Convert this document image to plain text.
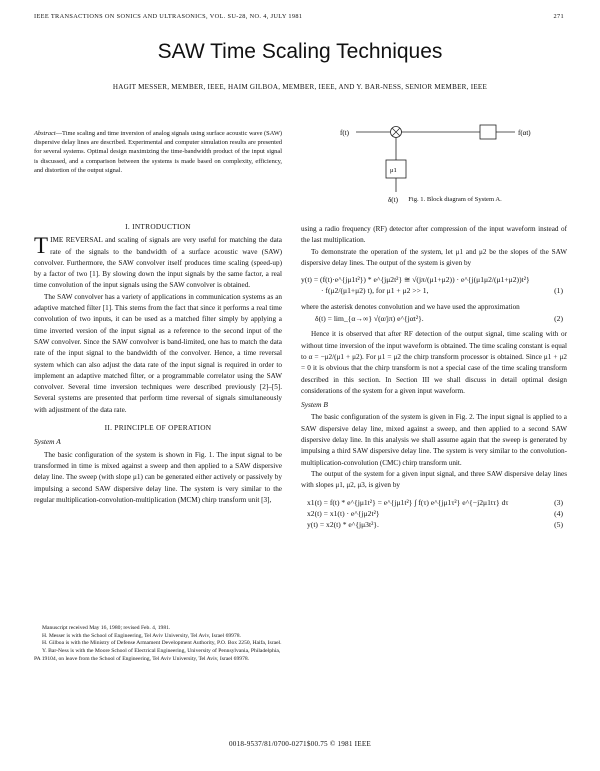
IEEE TRANSACTIONS ON SONICS AND ULTRASONICS, VOL. SU-28, NO. 4, JULY 1981	271
SAW Time Scaling Techniques
HAGIT MESSER, MEMBER, IEEE, HAIM GILBOA, MEMBER, IEEE, AND Y. BAR-NESS, SENIOR MEMBER, IEEE
Abstract—Time scaling and time inversion of analog signals using surface acoustic wave (SAW) dispersive delay lines are described. Experimental and computer simulation results are presented for several systems. Optimal design maximizing the time-bandwidth product of the input signal is discussed, and a comparison between the systems is made based on complexity, efficiency, and distortion of the output signal.
f(t)	f(αt)
μ1
δ(t)	Fig. 1. Block diagram of System A.
I. INTRODUCTION

TIME REVERSAL and scaling of signals are very useful for matching the data rate of the signals to the bandwidth of a surface acoustic wave (SAW) convolver. Furthermore, the SAW convolver itself produces time scaling (speed-up) by a factor of two [1]. By slowing down the input signals by the same factor, a real time convolution of the input signals using the SAW convolver is obtained.

The SAW convolver has a variety of applications in communication systems as an adaptive matched filter [1]. This stems from the fact that since it performs a real time convolution of two inputs, it can be used as a matched filter simply by applying a time inverted version of the input signal as a reference to the second input of the SAW convolver. Since the SAW convolver is band-limited, one has to match the data rate of the input signal to the bandwidth of the convolver. Hence, a time reversal system which can also adjust the data rate of the input signal is required in order to implement an adaptive matched filter, or a programmable correlator using the SAW convolver. Several time inversion techniques were described previously [2]–[5]. Several systems are presented that perform time reversal of signals simultaneously with adjustment of the data rate.

II. PRINCIPLE OF OPERATION
System A

The basic configuration of the system is shown in Fig. 1. The input signal to be transformed in time is mixed against a sweep and then applied to a SAW dispersive delay line. The sweep (with slope μ1) can be generated either actively or passively by impulsing a second SAW dispersive delay line. The system is very similar to the regular multiplication-convolution-multiplication (MCM) chirp transform unit [3],

Manuscript received May 16, 1980; revised Feb. 4, 1981.

H. Messer is with the School of Engineering, Tel Aviv University, Tel Aviv, Israel 69978.

H. Gilboa is with the Ministry of Defense Armament Development Authority, P.O. Box 2250, Haifa, Israel.

Y. Bar-Ness is with the Moore School of Electrical Engineering, University of Pennsylvania, Philadelphia, PA 19104, on leave from the School of Engineering, Tel Aviv University, Tel Aviv, Israel 69978.

using a radio frequency (RF) detector after compression of the input waveform instead of the last multiplication.

To demonstrate the operation of the system, let μ1 and μ2 be the slopes of the SAW dispersive delay lines. The output of the system is given by

y(t) = (f(t)·e^{jμ1t²}) * e^{jμ2t²} ≅ √(jπ/(μ1+μ2)) · e^{j(μ1μ2/(μ1+μ2))t²}
· f(μ2/(μ1+μ2) t), for μ1 + μ2 >> 1,	(1)

where the asterisk denotes convolution and we have used the approximation

δ(t) = lim_{α→∞} √(α/jπ) e^{jαt²}.	(2)

Hence it is observed that after RF detection of the output signal, time scaling with or without time inversion of the input waveform is obtained. The time scaling constant is equal to α = −μ2/(μ1 + μ2). For μ1 = μ2 the chirp transform processor is obtained. Since μ1 + μ2 = 0 it is obvious that the chirp transform is not a special case of the time scaling transform described in this section. In Section III we shall discuss in detail optimal design considerations of the system for a given input waveform.

System B

The basic configuration of the system is given in Fig. 2. The input signal is applied to a SAW dispersive delay line, mixed against a sweep, and then applied to a second SAW dispersive delay line. In this analysis we shall assume again that the sweep is generated by impulsing a third SAW dispersive delay line. The system is very similar to the convolution-multiplication-convolution (CMC) chirp transform unit.

The output of the system for a given input signal, and three SAW dispersive delay lines with slopes μ1, μ2, μ3, is given by

x1(t) = f(t) * e^{jμ1t²} = e^{jμ1t²} ∫ f(τ) e^{jμ1τ²} e^{−j2μ1tτ} dτ	(3)
x2(t) = x1(t) · e^{jμ2t²}	(4)
y(t) = x2(t) * e^{jμ3t²}.	(5)
0018-9537/81/0700-0271$00.75 © 1981 IEEE
